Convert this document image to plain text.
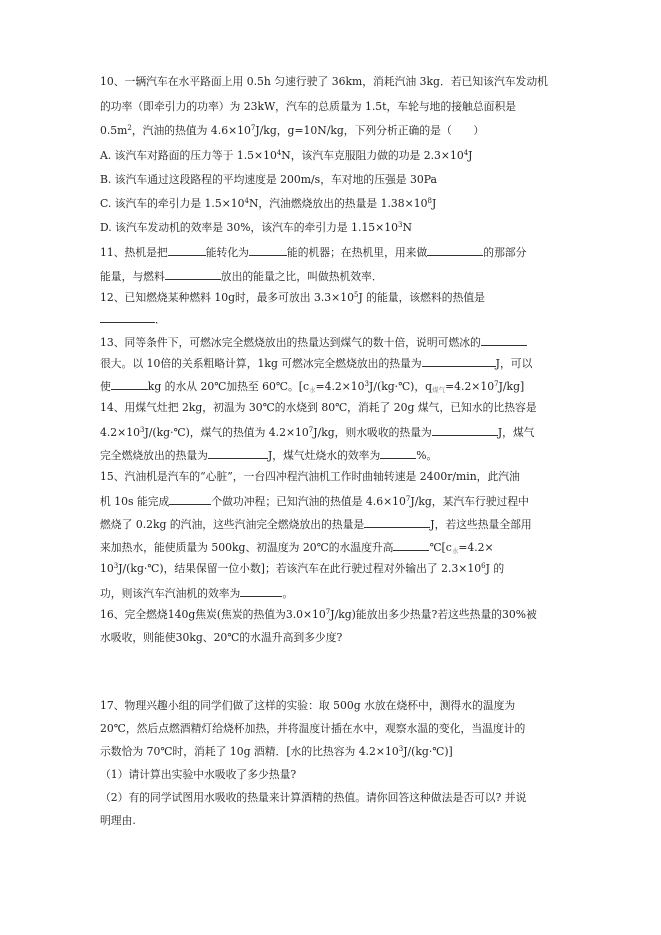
10、一辆汽车在水平路面上用 0.5h 匀速行驶了 36km，消耗汽油 3kg．若已知该汽车发动机
的功率（即牵引力的功率）为 23kW，汽车的总质量为 1.5t，车轮与地的接触总面积是
$0.5m^2$，汽油的热值为 $4.6\times 10^7J/kg$，g=10N/kg，下列分析正确的是（　　）
A. 该汽车对路面的压力等于 $1.5\times 10^4N$，该汽车克服阻力做的功是 $2.3\times 10^4J$
B. 该汽车通过这段路程的平均速度是 200m/s，车对地的压强是 30Pa
C. 该汽车的牵引力是 $1.5\times 10^4N$，汽油燃烧放出的热量是 $1.38\times 10^8J$
D. 该汽车发动机的效率是 30%，该汽车的牵引力是 $1.15\times 10^3N$
11、热机是把	能转化为	能的机器；在热机里，用来做	的那部分
能量，与燃料	放出的能量之比，叫做热机效率．
12、已知燃烧某种燃料 10g时，最多可放出 $3.3\times 10^5J$ 的能量，该燃料的热值是
．
13、同等条件下，可燃冰完全燃烧放出的热量达到煤气的数十倍，说明可燃冰的
很大。以 10倍的关系粗略计算，1kg 可燃冰完全燃烧放出的热量为	J，可以
使	kg 的水从 20℃加热至 60℃。[$c_水=4.2\times 10^3J/(kg\cdot℃)$，$q_{煤气}=4.2\times 10^7J/kg$]
14、用煤气灶把 2kg，初温为 30℃的水烧到 80℃，消耗了 20g 煤气，已知水的比热容是
$4.2\times 10^3J/(kg\cdot℃)$，煤气的热值为 $4.2\times 10^7J/kg$，则水吸收的热量为	J，煤气
完全燃烧放出的热量为	J，煤气灶烧水的效率为	%。
15、汽油机是汽车的“心脏”，一台四冲程汽油机工作时曲轴转速是 2400r/min，此汽油
机 10s 能完成	个做功冲程；已知汽油的热值是 $4.6\times 10^7J/kg$，某汽车行驶过程中
燃烧了 0.2kg 的汽油，这些汽油完全燃烧放出的热量是	J，若这些热量全部用
来加热水，能使质量为 500kg、初温度为 20℃的水温度升高	$℃[c_水=4.2\times$
$10^3J/(kg\cdot℃)$，结果保留一位小数]；若该汽车在此行驶过程对外输出了 $2.3\times 10^6J$ 的
功，则该汽车汽油机的效率为	。
16、完全燃烧140g焦炭(焦炭的热值为$3.0\times 10^7J/kg$)能放出多少热量?若这些热量的30%被
水吸收，则能使30kg、20℃的水温升高到多少度?
17、物理兴趣小组的同学们做了这样的实验：取 500g 水放在烧杯中，测得水的温度为
20℃，然后点燃酒精灯给烧杯加热，并将温度计插在水中，观察水温的变化，当温度计的
示数恰为 70℃时，消耗了 10g 酒精．[水的比热容为 $4.2\times 10^3J/(kg\cdot℃)$]
（1）请计算出实验中水吸收了多少热量?
（2）有的同学试图用水吸收的热量来计算酒精的热值。请你回答这种做法是否可以? 并说
明理由.
